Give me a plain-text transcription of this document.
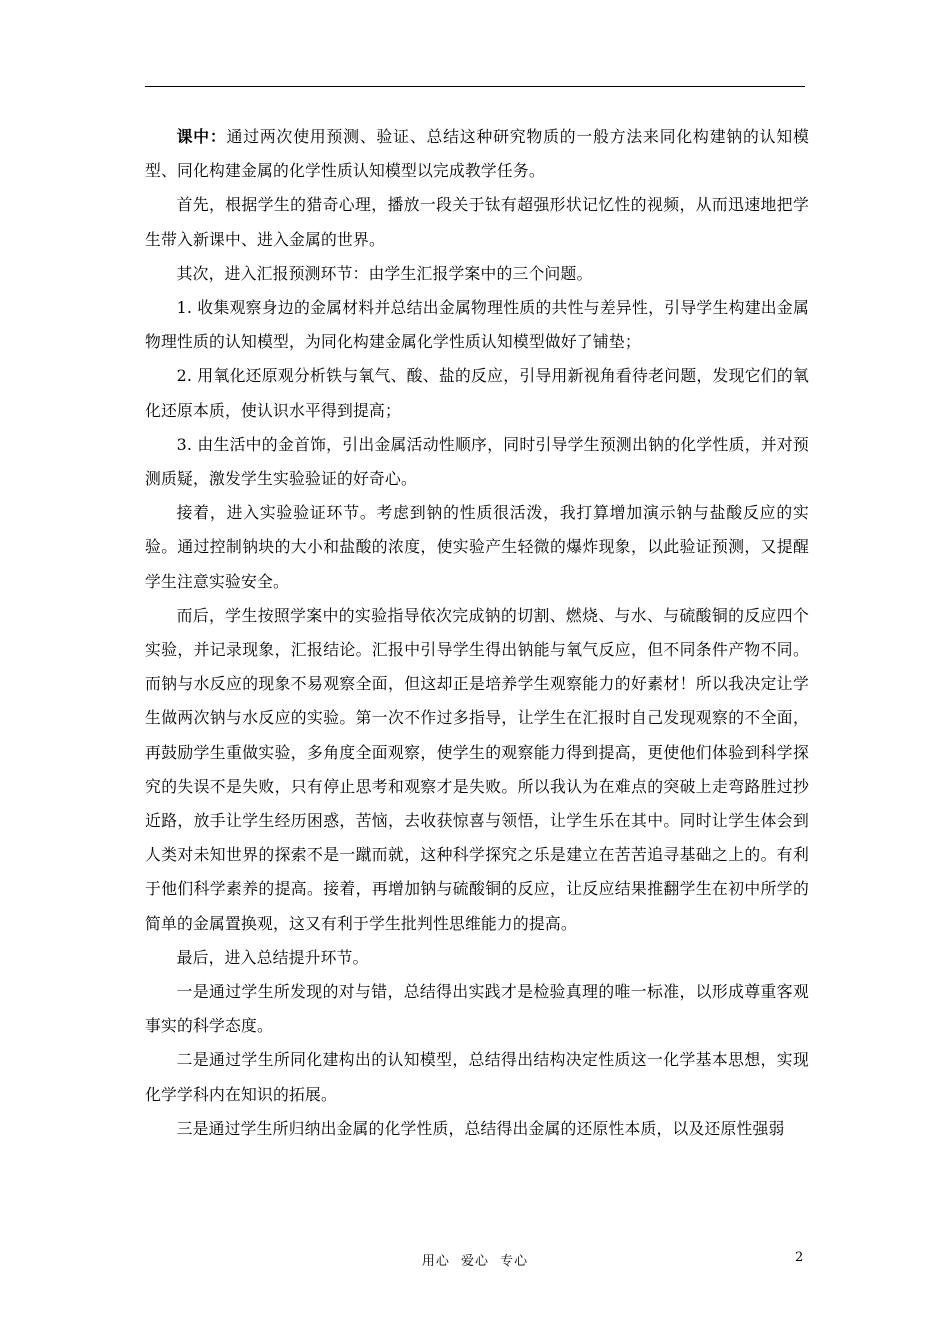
课中：通过两次使用预测、验证、总结这种研究物质的一般方法来同化构建钠的认知模型、同化构建金属的化学性质认知模型以完成教学任务。

首先，根据学生的猎奇心理，播放一段关于钛有超强形状记忆性的视频，从而迅速地把学生带入新课中、进入金属的世界。

其次，进入汇报预测环节：由学生汇报学案中的三个问题。

1. 收集观察身边的金属材料并总结出金属物理性质的共性与差异性，引导学生构建出金属物理性质的认知模型，为同化构建金属化学性质认知模型做好了铺垫；

2. 用氧化还原观分析铁与氧气、酸、盐的反应，引导用新视角看待老问题，发现它们的氧化还原本质，使认识水平得到提高；

3. 由生活中的金首饰，引出金属活动性顺序，同时引导学生预测出钠的化学性质，并对预测质疑，激发学生实验验证的好奇心。

接着，进入实验验证环节。考虑到钠的性质很活泼，我打算增加演示钠与盐酸反应的实验。通过控制钠块的大小和盐酸的浓度，使实验产生轻微的爆炸现象，以此验证预测，又提醒学生注意实验安全。

而后，学生按照学案中的实验指导依次完成钠的切割、燃烧、与水、与硫酸铜的反应四个实验，并记录现象，汇报结论。汇报中引导学生得出钠能与氧气反应，但不同条件产物不同。而钠与水反应的现象不易观察全面，但这却正是培养学生观察能力的好素材！所以我决定让学生做两次钠与水反应的实验。第一次不作过多指导，让学生在汇报时自己发现观察的不全面，再鼓励学生重做实验，多角度全面观察，使学生的观察能力得到提高，更使他们体验到科学探究的失误不是失败，只有停止思考和观察才是失败。所以我认为在难点的突破上走弯路胜过抄近路，放手让学生经历困惑，苦恼，去收获惊喜与领悟，让学生乐在其中。同时让学生体会到人类对未知世界的探索不是一蹴而就，这种科学探究之乐是建立在苦苦追寻基础之上的。有利于他们科学素养的提高。接着，再增加钠与硫酸铜的反应，让反应结果推翻学生在初中所学的简单的金属置换观，这又有利于学生批判性思维能力的提高。

最后，进入总结提升环节。

一是通过学生所发现的对与错，总结得出实践才是检验真理的唯一标准，以形成尊重客观事实的科学态度。

二是通过学生所同化建构出的认知模型，总结得出结构决定性质这一化学基本思想，实现化学学科内在知识的拓展。

三是通过学生所归纳出金属的化学性质，总结得出金属的还原性本质，以及还原性强弱

用心 爱心 专心	2
